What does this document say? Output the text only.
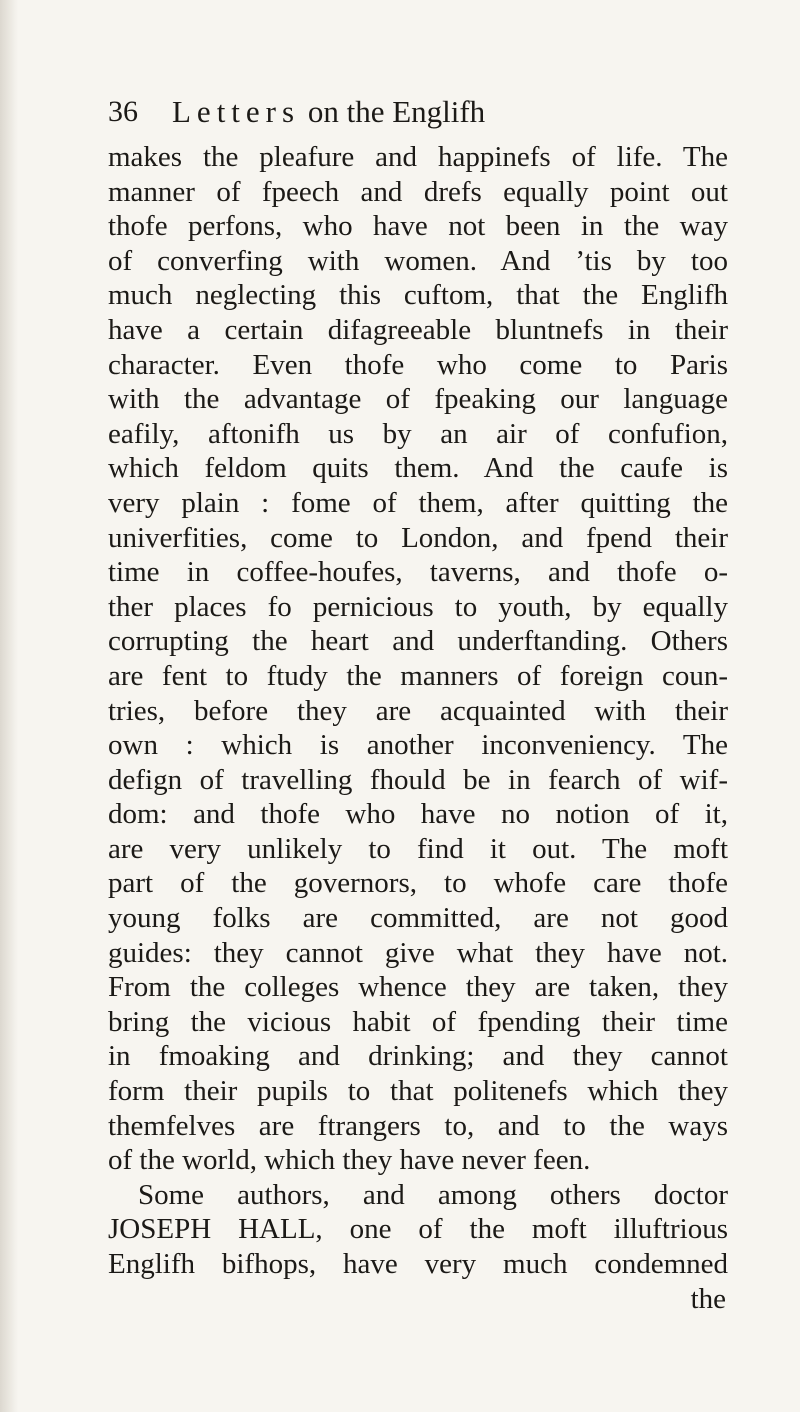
36 Letters on the Englifh
makes the pleafure and happinefs of life. The
manner of fpeech and drefs equally point out
thofe perfons, who have not been in the way
of converfing with women. And ’tis by too
much neglecting this cuftom, that the Englifh
have a certain difagreeable bluntnefs in their
character. Even thofe who come to Paris
with the advantage of fpeaking our language
eafily, aftonifh us by an air of confufion,
which feldom quits them. And the caufe is
very plain : fome of them, after quitting the
univerfities, come to London, and fpend their
time in coffee-houfes, taverns, and thofe o-
ther places fo pernicious to youth, by equally
corrupting the heart and underftanding. Others
are fent to ftudy the manners of foreign coun-
tries, before they are acquainted with their
own : which is another inconveniency. The
defign of travelling fhould be in fearch of wif-
dom: and thofe who have no notion of it,
are very unlikely to find it out. The moft
part of the governors, to whofe care thofe
young folks are committed, are not good
guides: they cannot give what they have not.
From the colleges whence they are taken, they
bring the vicious habit of fpending their time
in fmoaking and drinking; and they cannot
form their pupils to that politenefs which they
themfelves are ftrangers to, and to the ways
of the world, which they have never feen.
Some authors, and among others doctor
JOSEPH HALL, one of the moft illuftrious
Englifh bifhops, have very much condemned
the
